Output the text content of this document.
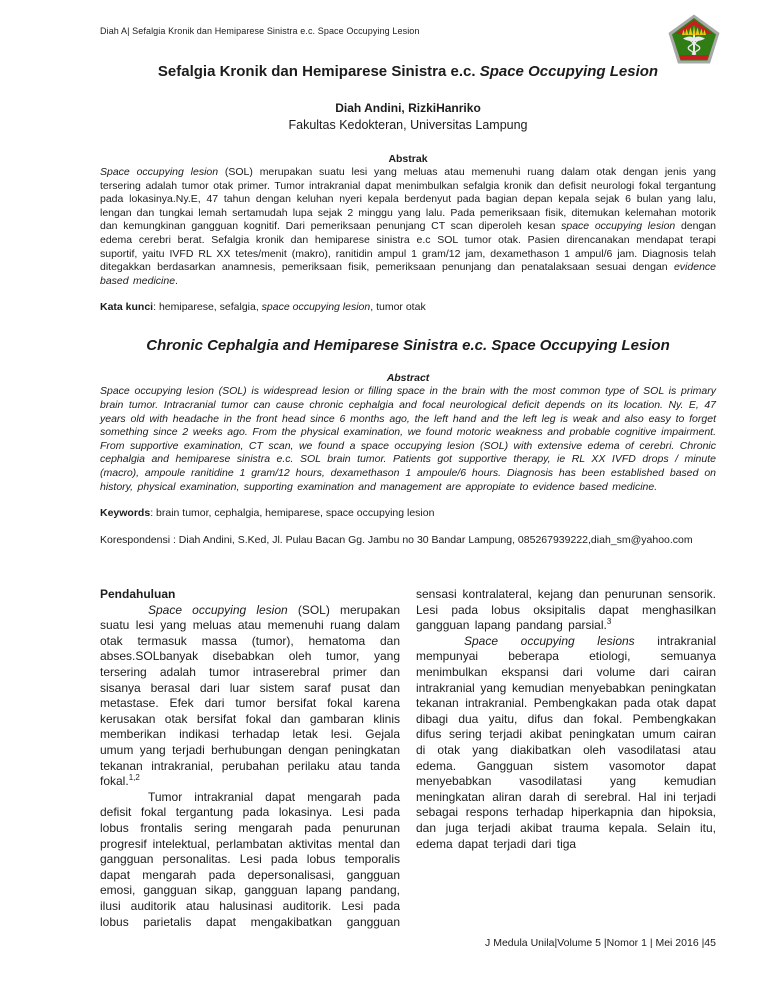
Diah A| Sefalgia Kronik dan Hemiparese Sinistra e.c. Space Occupying Lesion
Sefalgia Kronik dan Hemiparese Sinistra e.c. Space Occupying Lesion
Diah Andini, RizkiHanriko
Fakultas Kedokteran, Universitas Lampung
Abstrak

Space occupying lesion (SOL) merupakan suatu lesi yang meluas atau memenuhi ruang dalam otak dengan jenis yang tersering adalah tumor otak primer. Tumor intrakranial dapat menimbulkan sefalgia kronik dan defisit neurologi fokal tergantung pada lokasinya.Ny.E, 47 tahun dengan keluhan nyeri kepala berdenyut pada bagian depan kepala sejak 6 bulan yang lalu, lengan dan tungkai lemah sertamudah lupa sejak 2 minggu yang lalu. Pada pemeriksaan fisik, ditemukan kelemahan motorik dan kemungkinan gangguan kognitif. Dari pemeriksaan penunjang CT scan diperoleh kesan space occupying lesion dengan edema cerebri berat. Sefalgia kronik dan hemiparese sinistra e.c SOL tumor otak. Pasien direncanakan mendapat terapi suportif, yaitu IVFD RL XX tetes/menit (makro), ranitidin ampul 1 gram/12 jam, dexamethason 1 ampul/6 jam. Diagnosis telah ditegakkan berdasarkan anamnesis, pemeriksaan fisik, pemeriksaan penunjang dan penatalaksaan sesuai dengan evidence based medicine.

Kata kunci: hemiparese, sefalgia, space occupying lesion, tumor otak

Chronic Cephalgia and Hemiparese Sinistra e.c. Space Occupying Lesion
Abstract

Space occupying lesion (SOL) is widespread lesion or filling space in the brain with the most common type of SOL is primary brain tumor. Intracranial tumor can cause chronic cephalgia and focal neurological deficit depends on its location. Ny. E, 47 years old with headache in the front head since 6 months ago, the left hand and the left leg is weak and also easy to forget something since 2 weeks ago. From the physical examination, we found motoric weakness and probable cognitive impairment. From supportive examination, CT scan, we found a space occupying lesion (SOL) with extensive edema of cerebri. Chronic cephalgia and hemiparese sinistra e.c. SOL brain tumor. Patients got supportive therapy, ie RL XX IVFD drops / minute (macro), ampoule ranitidine 1 gram/12 hours, dexamethason 1 ampoule/6 hours. Diagnosis has been established based on history, physical examination, supporting examination and management are appropiate to evidence based medicine.

Keywords: brain tumor, cephalgia, hemiparese, space occupying lesion

Korespondensi : Diah Andini, S.Ked, Jl. Pulau Bacan Gg. Jambu no 30 Bandar Lampung, 085267939222,diah_sm@yahoo.com

Pendahuluan

Space occupying lesion (SOL) merupakan suatu lesi yang meluas atau memenuhi ruang dalam otak termasuk massa (tumor), hematoma dan abses.SOLbanyak disebabkan oleh tumor, yang tersering adalah tumor intraserebral primer dan sisanya berasal dari luar sistem saraf pusat dan metastase. Efek dari tumor bersifat fokal karena kerusakan otak bersifat fokal dan gambaran klinis memberikan indikasi terhadap letak lesi. Gejala umum yang terjadi berhubungan dengan peningkatan tekanan intrakranial, perubahan perilaku atau tanda fokal.$^{1,2}$

Tumor intrakranial dapat mengarah pada defisit fokal tergantung pada lokasinya. Lesi pada lobus frontalis sering mengarah pada penurunan progresif intelektual, perlambatan aktivitas mental dan gangguan personalitas. Lesi pada lobus temporalis dapat mengarah pada depersonalisasi, gangguan emosi, gangguan sikap, gangguan lapang pandang, ilusi auditorik atau halusinasi auditorik. Lesi pada lobus parietalis dapat mengakibatkan gangguan sensasi kontralateral, kejang dan penurunan sensorik. Lesi pada lobus oksipitalis dapat menghasilkan gangguan lapang pandang parsial.$^3$

Space occupying lesions intrakranial mempunyai beberapa etiologi, semuanya menimbulkan ekspansi dari volume dari cairan intrakranial yang kemudian menyebabkan peningkatan tekanan intrakranial. Pembengkakan pada otak dapat dibagi dua yaitu, difus dan fokal. Pembengkakan difus sering terjadi akibat peningkatan umum cairan di otak yang diakibatkan oleh vasodilatasi atau edema. Gangguan sistem vasomotor dapat menyebabkan vasodilatasi yang kemudian meningkatan aliran darah di serebral. Hal ini terjadi sebagai respons terhadap hiperkapnia dan hipoksia, dan juga terjadi akibat trauma kepala. Selain itu, edema dapat terjadi dari tiga

J Medula Unila|Volume 5 |Nomor 1 | Mei 2016 |45
